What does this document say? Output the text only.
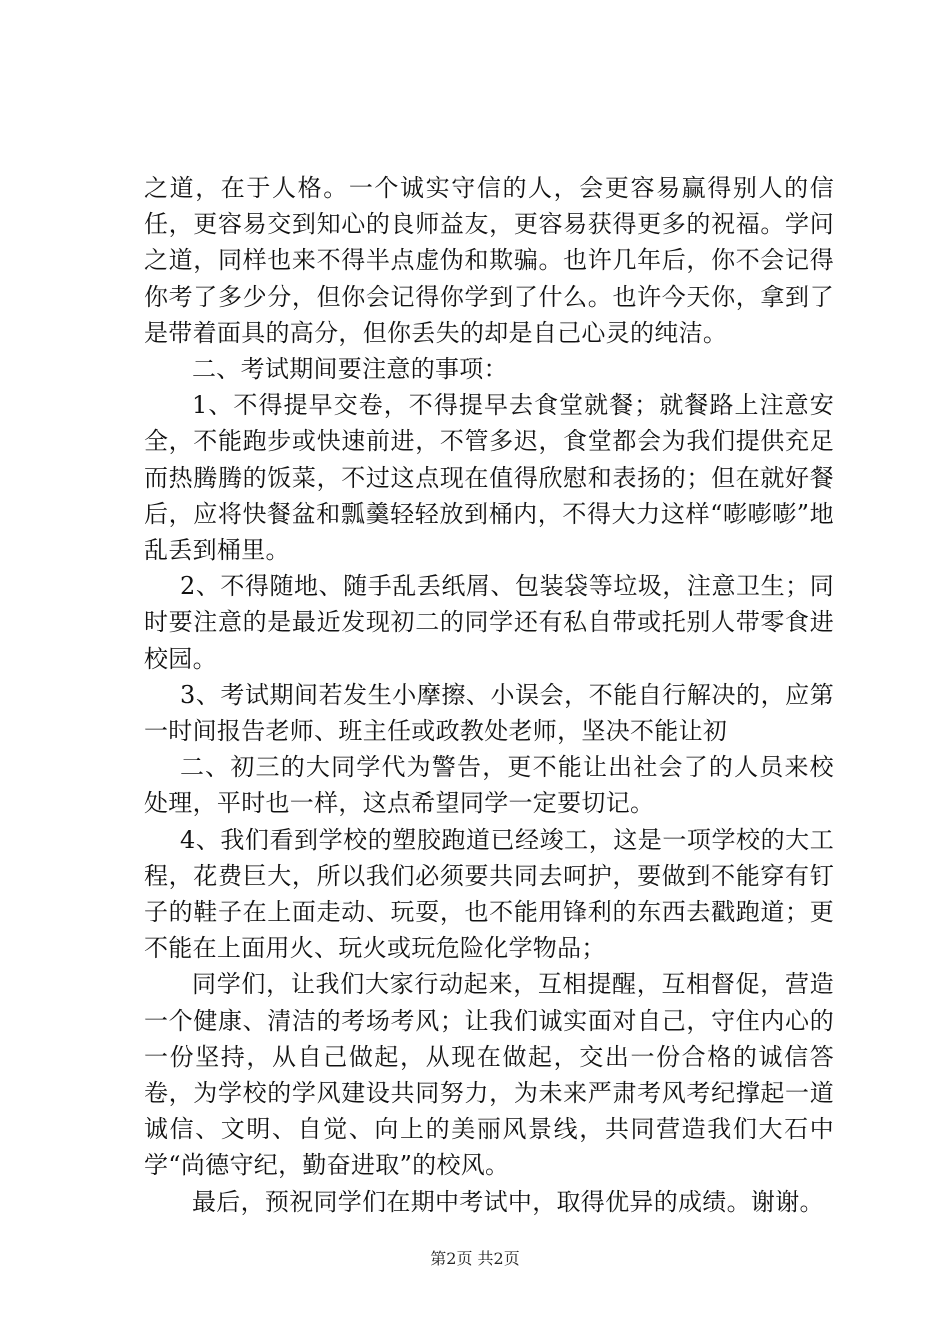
之道，在于人格。一个诚实守信的人，会更容易赢得别人的信任，更容易交到知心的良师益友，更容易获得更多的祝福。学问之道，同样也来不得半点虚伪和欺骗。也许几年后，你不会记得你考了多少分，但你会记得你学到了什么。也许今天你，拿到了是带着面具的高分，但你丢失的却是自己心灵的纯洁。

二、考试期间要注意的事项：

1、不得提早交卷，不得提早去食堂就餐；就餐路上注意安全，不能跑步或快速前进，不管多迟，食堂都会为我们提供充足而热腾腾的饭菜，不过这点现在值得欣慰和表扬的；但在就好餐后，应将快餐盆和瓢羹轻轻放到桶内，不得大力这样“嘭嘭嘭”地乱丢到桶里。

2、不得随地、随手乱丢纸屑、包装袋等垃圾，注意卫生；同时要注意的是最近发现初二的同学还有私自带或托别人带零食进校园。

3、考试期间若发生小摩擦、小误会，不能自行解决的，应第一时间报告老师、班主任或政教处老师，坚决不能让初

二、初三的大同学代为警告，更不能让出社会了的人员来校处理，平时也一样，这点希望同学一定要切记。

4、我们看到学校的塑胶跑道已经竣工，这是一项学校的大工程，花费巨大，所以我们必须要共同去呵护，要做到不能穿有钉子的鞋子在上面走动、玩耍，也不能用锋利的东西去戳跑道；更不能在上面用火、玩火或玩危险化学物品；

同学们，让我们大家行动起来，互相提醒，互相督促，营造一个健康、清洁的考场考风；让我们诚实面对自己，守住内心的一份坚持，从自己做起，从现在做起，交出一份合格的诚信答卷，为学校的学风建设共同努力，为未来严肃考风考纪撑起一道诚信、文明、自觉、向上的美丽风景线，共同营造我们大石中学“尚德守纪，勤奋进取”的校风。

最后，预祝同学们在期中考试中，取得优异的成绩。谢谢。

第2页 共2页
